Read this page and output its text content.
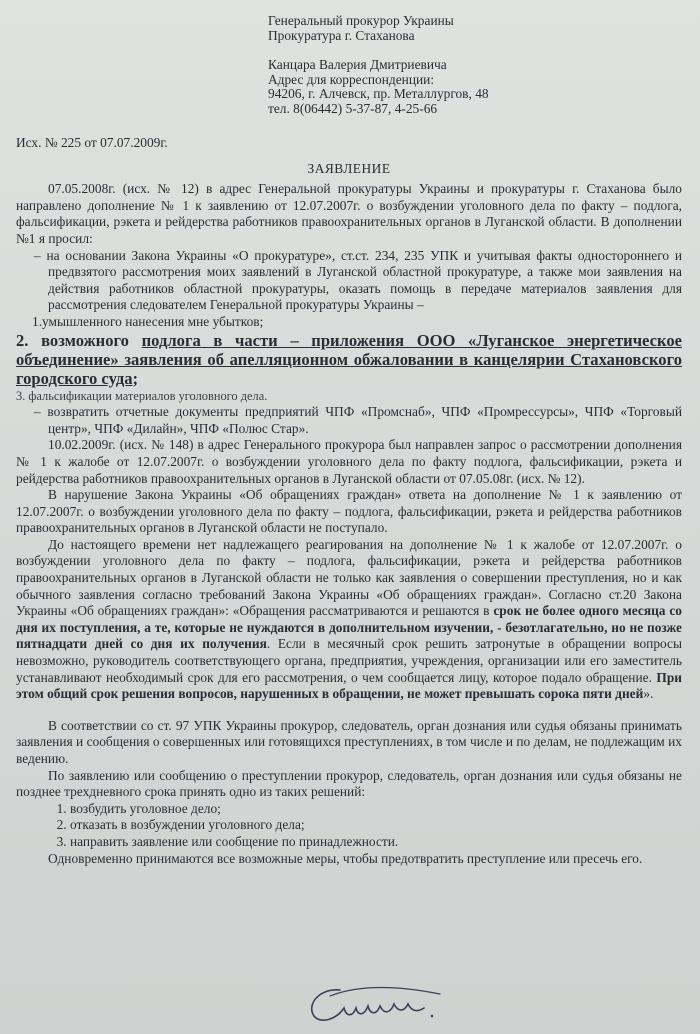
Генеральный прокурор Украины
Прокуратура г. Стаханова
Канцара Валерия Дмитриевича
Адрес для корреспонденции:
94206, г. Алчевск, пр. Металлургов, 48
тел. 8(06442) 5-37-87, 4-25-66
Исх. № 225 от 07.07.2009г.
ЗАЯВЛЕНИЕ

07.05.2008г. (исх. № 12) в адрес Генеральной прокуратуры Украины и прокуратуры г. Стаханова было направлено дополнение № 1 к заявлению от 12.07.2007г. о возбуждении уголовного дела по факту – подлога, фальсификации, рэкета и рейдерства работников правоохранительных органов в Луганской области. В дополнении №1 я просил:

– на основании Закона Украины «О прокуратуре», ст.ст. 234, 235 УПК и учитывая факты одностороннего и предвзятого рассмотрения моих заявлений в Луганской областной прокуратуре, а также мои заявления на действия работников областной прокуратуры, оказать помощь в передаче материалов заявления для рассмотрения следователем Генеральной прокуратуры Украины –
1.умышленного нанесения мне убытков;
2. возможного подлога в части – приложения ООО «Луганское энергетическое объединение» заявления об апелляционном обжаловании в канцелярии Стахановского городского суда;
3. фальсификации материалов уголовного дела.
– возвратить отчетные документы предприятий ЧПФ «Промснаб», ЧПФ «Промрессурсы», ЧПФ «Торговый центр», ЧПФ «Дилайн», ЧПФ «Полюс Стар».

10.02.2009г. (исх. № 148) в адрес Генерального прокурора был направлен запрос о рассмотрении дополнения № 1 к жалобе от 12.07.2007г. о возбуждении уголовного дела по факту подлога, фальсификации, рэкета и рейдерства работников правоохранительных органов в Луганской области от 07.05.08г. (исх. № 12).

В нарушение Закона Украины «Об обращениях граждан» ответа на дополнение № 1 к заявлению от 12.07.2007г. о возбуждении уголовного дела по факту – подлога, фальсификации, рэкета и рейдерства работников правоохранительных органов в Луганской области не поступало.

До настоящего времени нет надлежащего реагирования на дополнение № 1 к жалобе от 12.07.2007г. о возбуждении уголовного дела по факту – подлога, фальсификации, рэкета и рейдерства работников правоохранительных органов в Луганской области не только как заявления о совершении преступления, но и как обычного заявления согласно требований Закона Украины «Об обращениях граждан». Согласно ст.20 Закона Украины «Об обращениях граждан»: «Обращения рассматриваются и решаются в срок не более одного месяца со дня их поступления, а те, которые не нуждаются в дополнительном изучении, - безотлагательно, но не позже пятнадцати дней со дня их получения. Если в месячный срок решить затронутые в обращении вопросы невозможно, руководитель соответствующего органа, предприятия, учреждения, организации или его заместитель устанавливают необходимый срок для его рассмотрения, о чем сообщается лицу, которое подало обращение. При этом общий срок решения вопросов, нарушенных в обращении, не может превышать сорока пяти дней».

В соответствии со ст. 97 УПК Украины прокурор, следователь, орган дознания или судья обязаны принимать заявления и сообщения о совершенных или готовящихся преступлениях, в том числе и по делам, не подлежащим их ведению.

По заявлению или сообщению о преступлении прокурор, следователь, орган дознания или судья обязаны не позднее трехдневного срока принять одно из таких решений:

1. возбудить уголовное дело;
2. отказать в возбуждении уголовного дела;
3. направить заявление или сообщение по принадлежности.

Одновременно принимаются все возможные меры, чтобы предотвратить преступление или пресечь его.
